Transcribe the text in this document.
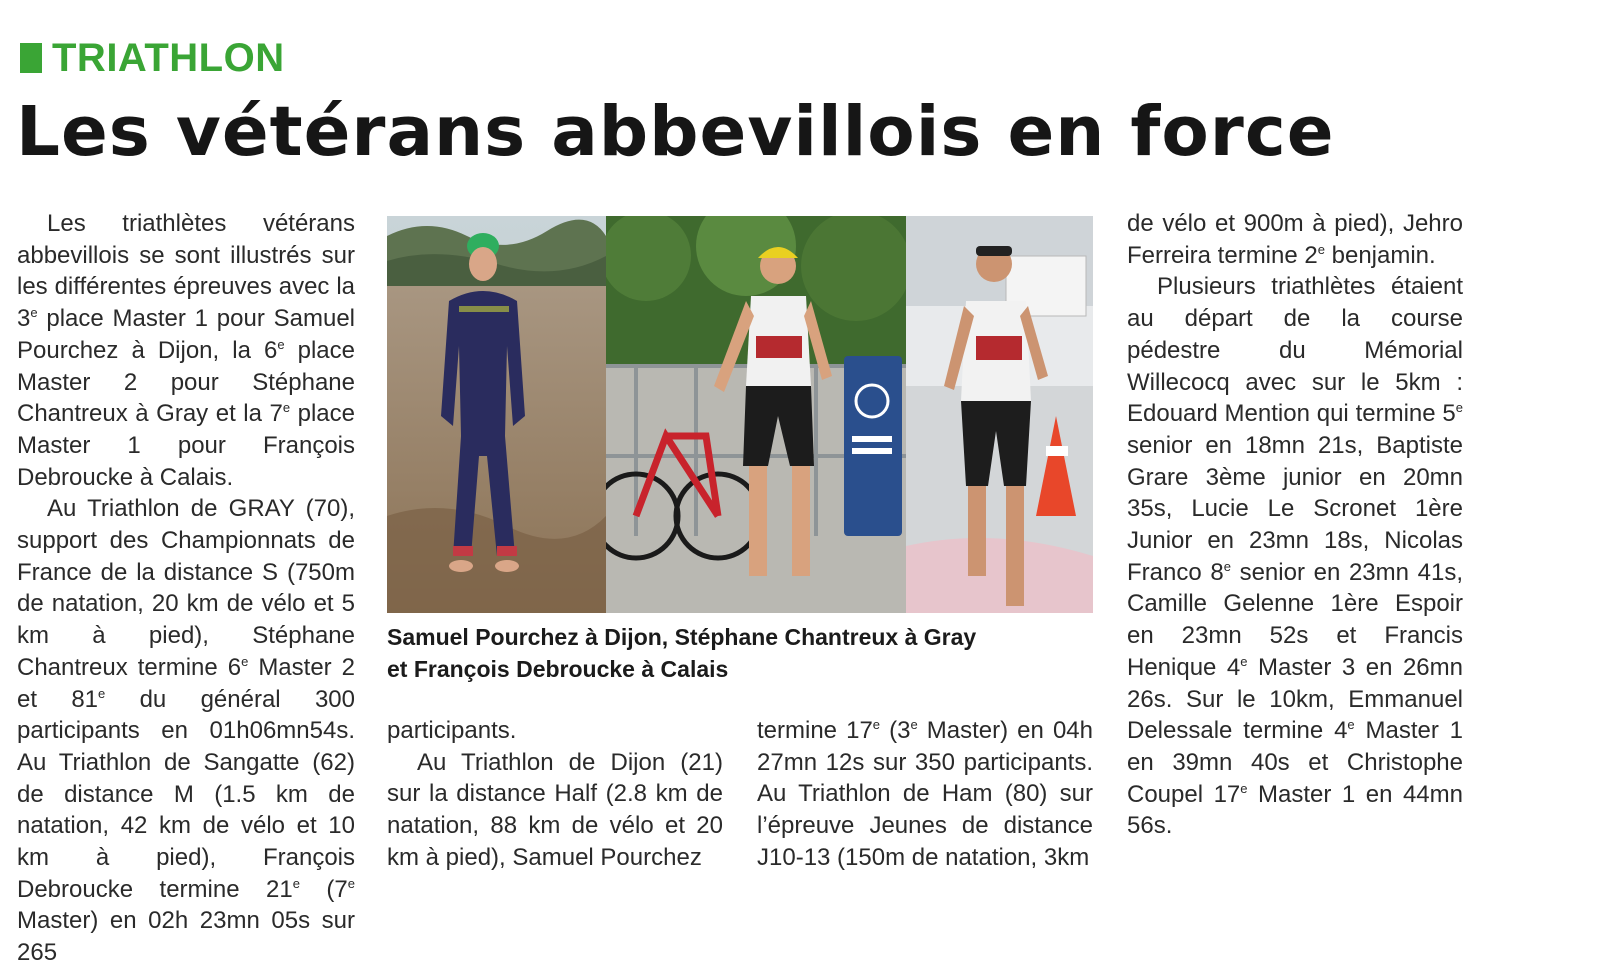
TRIATHLON
Les vétérans abbevillois en force

Les triathlètes vétérans abbevillois se sont illustrés sur les différentes épreuves avec la 3e place Master 1 pour Samuel Pourchez à Dijon, la 6e place Master 2 pour Stéphane Chantreux à Gray et la 7e place Master 1 pour François Debroucke à Calais.

Au Triathlon de GRAY (70), support des Championnats de France de la distance S (750m de natation, 20 km de vélo et 5 km à pied), Stéphane Chantreux termine 6e Master 2 et 81e du général 300 participants en 01h06mn54s. Au Triathlon de Sangatte (62) de distance M (1.5 km de natation, 42 km de vélo et 10 km à pied), François Debroucke termine 21e (7e Master) en 02h 23mn 05s sur 265

Samuel Pourchez à Dijon, Stéphane Chantreux à Gray
et François Debroucke à Calais

participants.

Au Triathlon de Dijon (21) sur la distance Half (2.8 km de natation, 88 km de vélo et 20 km à pied), Samuel Pourchez

termine 17e (3e Master) en 04h 27mn 12s sur 350 participants. Au Triathlon de Ham (80) sur l’épreuve Jeunes de distance J10-13 (150m de natation, 3km

de vélo et 900m à pied), Jehro Ferreira termine 2e benjamin.

Plusieurs triathlètes étaient au départ de la course pédestre du Mémorial Willecocq avec sur le 5km : Edouard Mention qui termine 5e senior en 18mn 21s, Baptiste Grare 3ème junior en 20mn 35s, Lucie Le Scronet 1ère Junior en 23mn 18s, Nicolas Franco 8e senior en 23mn 41s, Camille Gelenne 1ère Espoir en 23mn 52s et Francis Henique 4e Master 3 en 26mn 26s. Sur le 10km, Emmanuel Delessale termine 4e Master 1 en 39mn 40s et Christophe Coupel 17e Master 1 en 44mn 56s.
